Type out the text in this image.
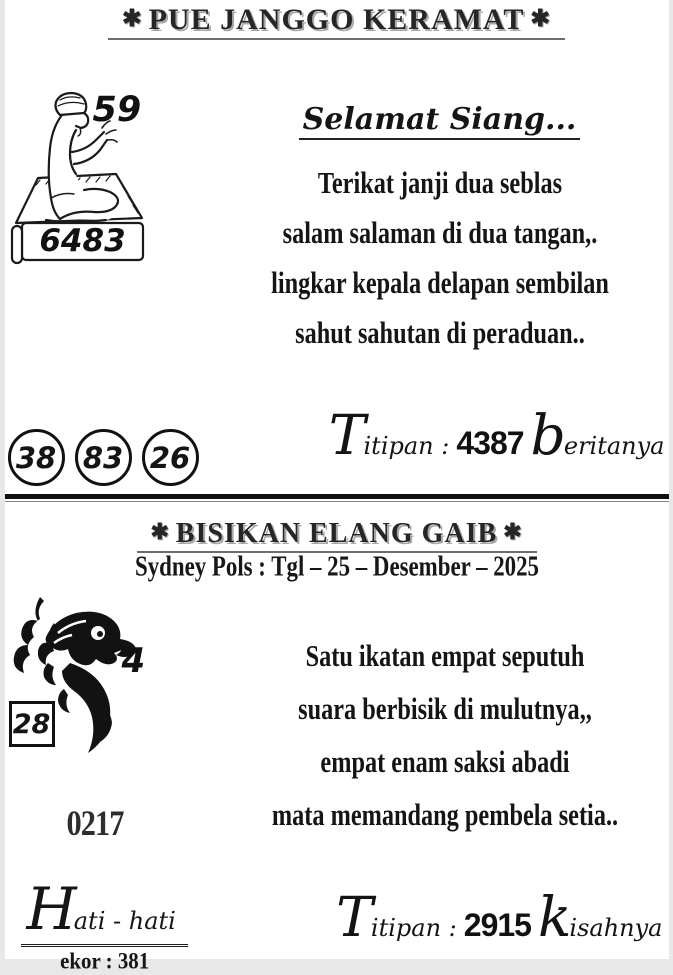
✱ PUE JANGGO KERAMAT ✱
59
6483
Selamat Siang...
Terikat janji dua seblas
salam salaman di dua tangan,.
lingkar kepala delapan sembilan
sahut sahutan di peraduan..
Titipan : 4387 beritanya
38 83 26
✱ BISIKAN ELANG GAIB ✱
Sydney Pols : Tgl – 25 – Desember – 2025
4
28
0217
Satu ikatan empat seputuh
suara berbisik di mulutnya,,
empat enam saksi abadi
mata memandang pembela setia..
Hati - hati
ekor : 381
Titipan : 2915 kisahnya
